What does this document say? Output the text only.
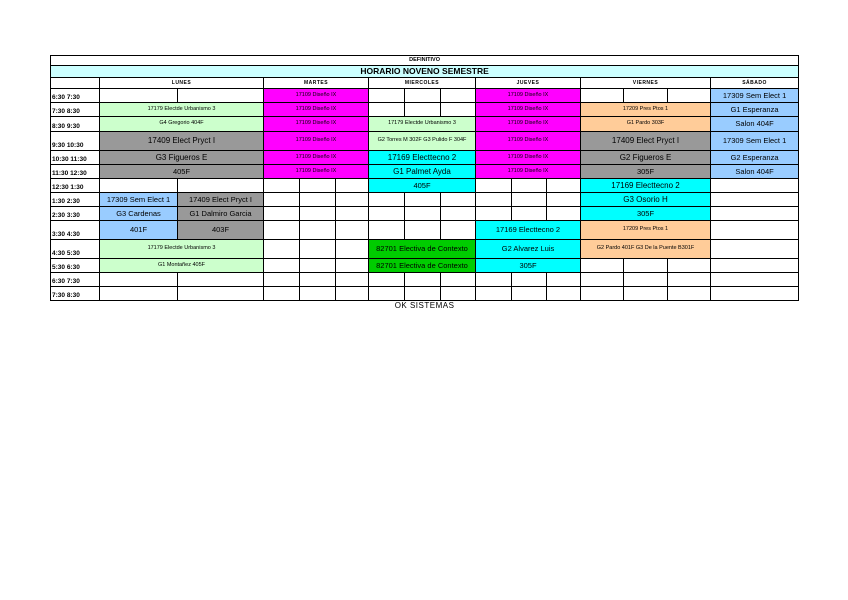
DEFINITIVO															
HORARIO NOVENO SEMESTRE															
	LUNES		MARTES			MIERCOLES			JUEVES			VIERNES			SÁBADO
6:30 7:30			17109 Diseño IX						17109 Diseño IX						17309 Sem Elect 1
7:30 8:30	17179 Electde Urbanismo 3		17109 Diseño IX						17109 Diseño IX			17209 Pres Ptos 1			G1 Esperanza
8:30 9:30	G4 Gregorio 404F		17109 Diseño IX			17179 Electde Urbanismo 3			17109 Diseño IX			G1 Pardo 303F			Salon 404F
9:30 10:30	17409 Elect Pryct I		17109 Diseño IX			G2 Torres M 302F G3 Pulido F 304F			17109 Diseño IX			17409 Elect Pryct I			17309 Sem Elect 1
10:30 11:30	G3 Figueros E		17109 Diseño IX			17169 Electtecno 2			17109 Diseño IX			G2 Figueros E			G2 Esperanza
11:30 12:30	405F		17109 Diseño IX			G1 Palmet Ayda			17109 Diseño IX			305F			Salon 404F
12:30 1:30						405F						17169 Electtecno 2			
1:30 2:30	17309 Sem Elect 1	17409 Elect Pryct I										G3 Osorio H			
2:30 3:30	G3 Cardenas	G1 Dalmiro Garcia										305F			
3:30 4:30	401F	403F							17169 Electtecno 2			17209 Pres Ptos 1			
4:30 5:30	17179 Electde Urbanismo 3					82701 Electiva de Contexto			G2 Alvarez Luis			G2 Pardo 401F G3 De la Puente B301F			
5:30 6:30	G1 Montañez 405F					82701 Electiva de Contexto			305F						
6:30 7:30															
7:30 8:30															
OK SISTEMAS															
